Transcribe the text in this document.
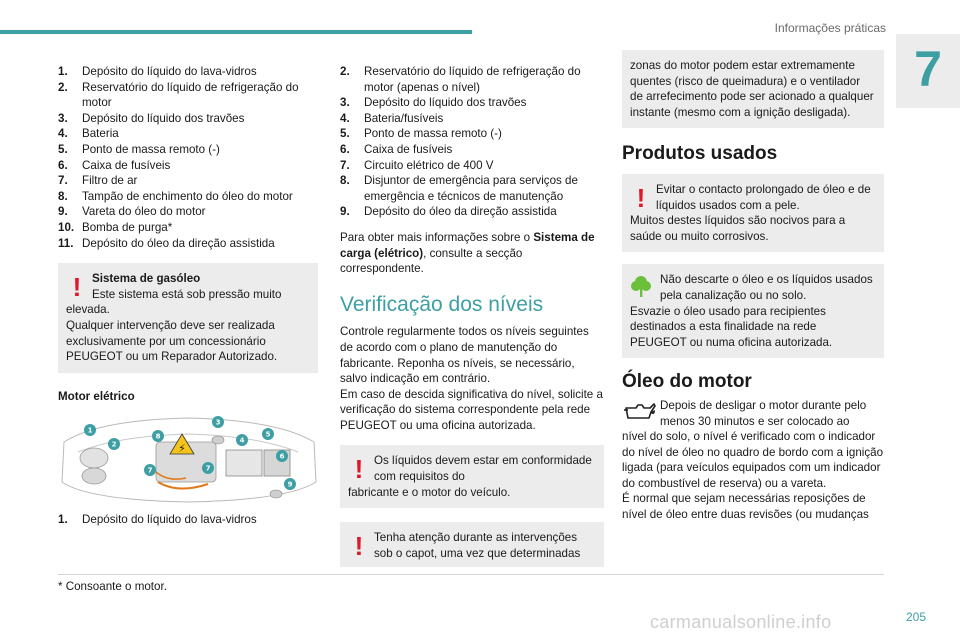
Informações práticas
7
1. Depósito do líquido do lava-vidros
2. Reservatório do líquido de refrigeração do motor
3. Depósito do líquido dos travões
4. Bateria
5. Ponto de massa remoto (-)
6. Caixa de fusíveis
7. Filtro de ar
8. Tampão de enchimento do óleo do motor
9. Vareta do óleo do motor
10. Bomba de purga*
11. Depósito do óleo da direção assistida
! Sistema de gasóleo

Este sistema está sob pressão muito

elevada.
Qualquer intervenção deve ser realizada exclusivamente por um concessionário PEUGEOT ou um Reparador Autorizado.

Motor elétrico

⚡
1
2
3
4
5
6
7	7
8
9
1. Depósito do líquido do lava-vidros
2. Reservatório do líquido de refrigeração do motor (apenas o nível)
3. Depósito do líquido dos travões
4. Bateria/fusíveis
5. Ponto de massa remoto (-)
6. Caixa de fusíveis
7. Circuito elétrico de 400 V
8. Disjuntor de emergência para serviços de emergência e técnicos de manutenção
9. Depósito do óleo da direção assistida

Para obter mais informações sobre o Sistema de carga (elétrico), consulte a secção correspondente.

Verificação dos níveis

Controle regularmente todos os níveis seguintes de acordo com o plano de manutenção do fabricante. Reponha os níveis, se necessário, salvo indicação em contrário.
Em caso de descida significativa do nível, solicite a verificação do sistema correspondente pela rede PEUGEOT ou uma oficina autorizada.

! Os líquidos devem estar em conformidade com requisitos do

fabricante e o motor do veículo.

! Tenha atenção durante as intervenções sob o capot, uma vez que determinadas

zonas do motor podem estar extremamente quentes (risco de queimadura) e o ventilador de arrefecimento pode ser acionado a qualquer instante (mesmo com a ignição desligada).

Produtos usados
! Evitar o contacto prolongado de óleo e de líquidos usados com a pele.

Muitos destes líquidos são nocivos para a saúde ou muito corrosivos.

Não descarte o óleo e os líquidos usados pela canalização ou no solo.

Esvazie o óleo usado para recipientes destinados a esta finalidade na rede PEUGEOT ou numa oficina autorizada.

Óleo do motor

Depois de desligar o motor durante pelo menos 30 minutos e ser colocado ao

nível do solo, o nível é verificado com o indicador do nível de óleo no quadro de bordo com a ignição ligada (para veículos equipados com um indicador do combustível de reserva) ou a vareta.
É normal que sejam necessárias reposições de nível de óleo entre duas revisões (ou mudanças

* Consoante o motor.
carmanualsonline.info	205
